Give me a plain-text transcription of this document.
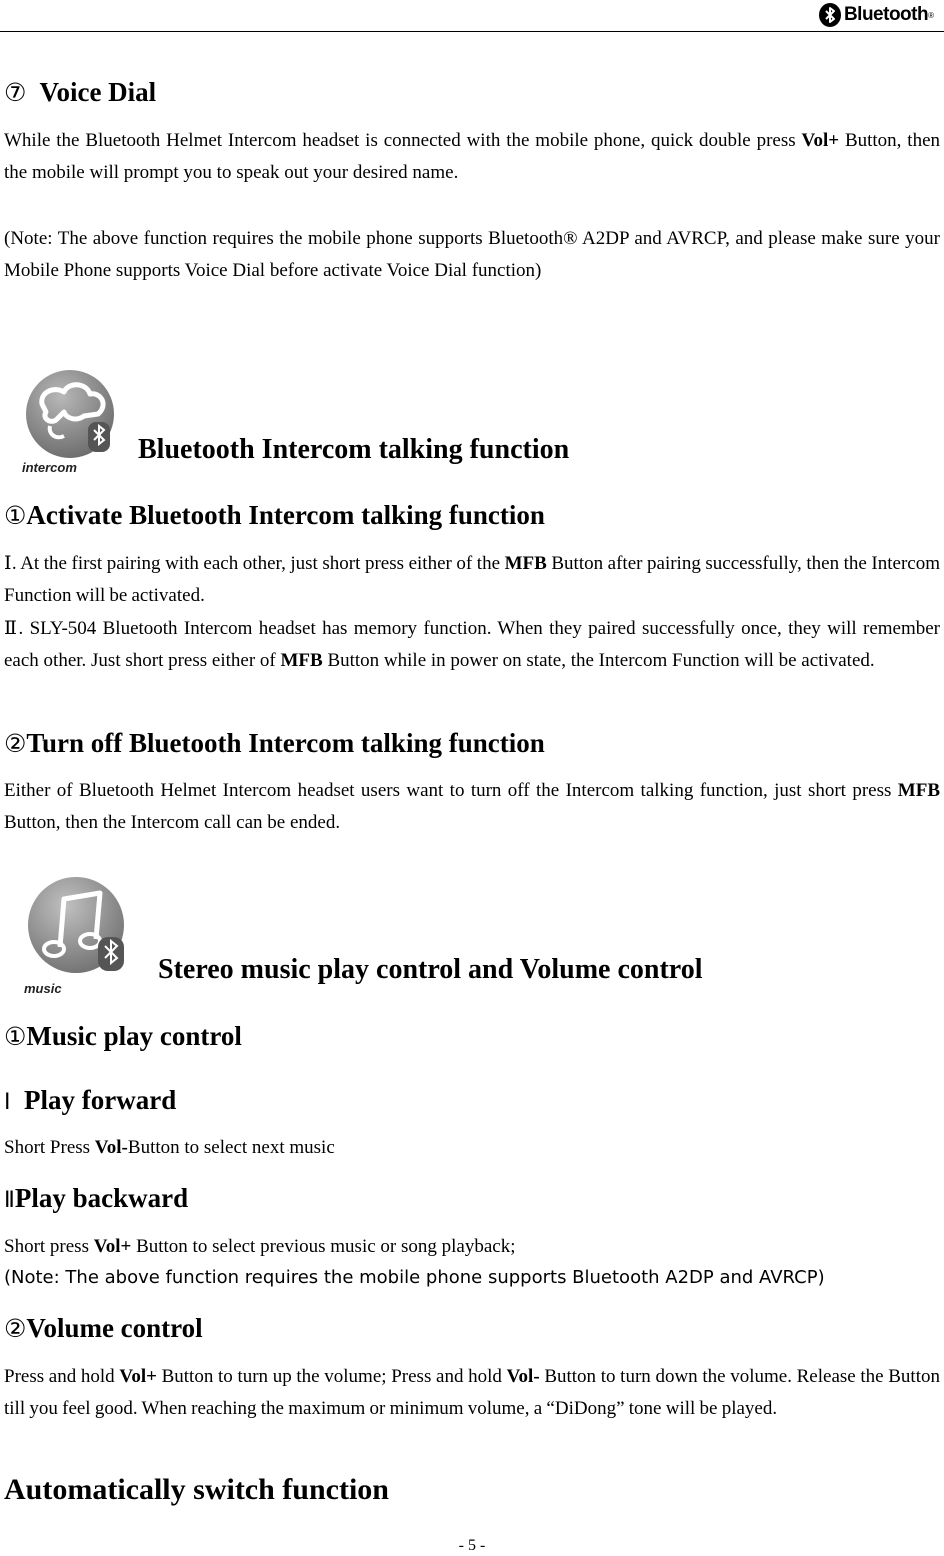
Bluetooth ®
⑦ Voice Dial
While the Bluetooth Helmet Intercom headset is connected with the mobile phone, quick double press Vol+ Button, then the mobile will prompt you to speak out your desired name.
(Note: The above function requires the mobile phone supports Bluetooth® A2DP and AVRCP, and please make sure your Mobile Phone supports Voice Dial before activate Voice Dial function)
intercom
Bluetooth Intercom talking function
①Activate Bluetooth Intercom talking function
Ⅰ. At the first pairing with each other, just short press either of the MFB Button after pairing successfully, then the Intercom Function will be activated.
Ⅱ. SLY-504 Bluetooth Intercom headset has memory function. When they paired successfully once, they will remember each other. Just short press either of MFB Button while in power on state, the Intercom Function will be activated.
②Turn off Bluetooth Intercom talking function
Either of Bluetooth Helmet Intercom headset users want to turn off the Intercom talking function, just short press MFB Button, then the Intercom call can be ended.
music
Stereo music play control and Volume control
①Music play control
Ⅰ Play forward
Short Press Vol-Button to select next music
ⅡPlay backward
Short press Vol+ Button to select previous music or song playback;
(Note: The above function requires the mobile phone supports Bluetooth A2DP and AVRCP)
②Volume control
Press and hold Vol+ Button to turn up the volume; Press and hold Vol- Button to turn down the volume. Release the Button till you feel good. When reaching the maximum or minimum volume, a “DiDong” tone will be played.
Automatically switch function
- 5 -
